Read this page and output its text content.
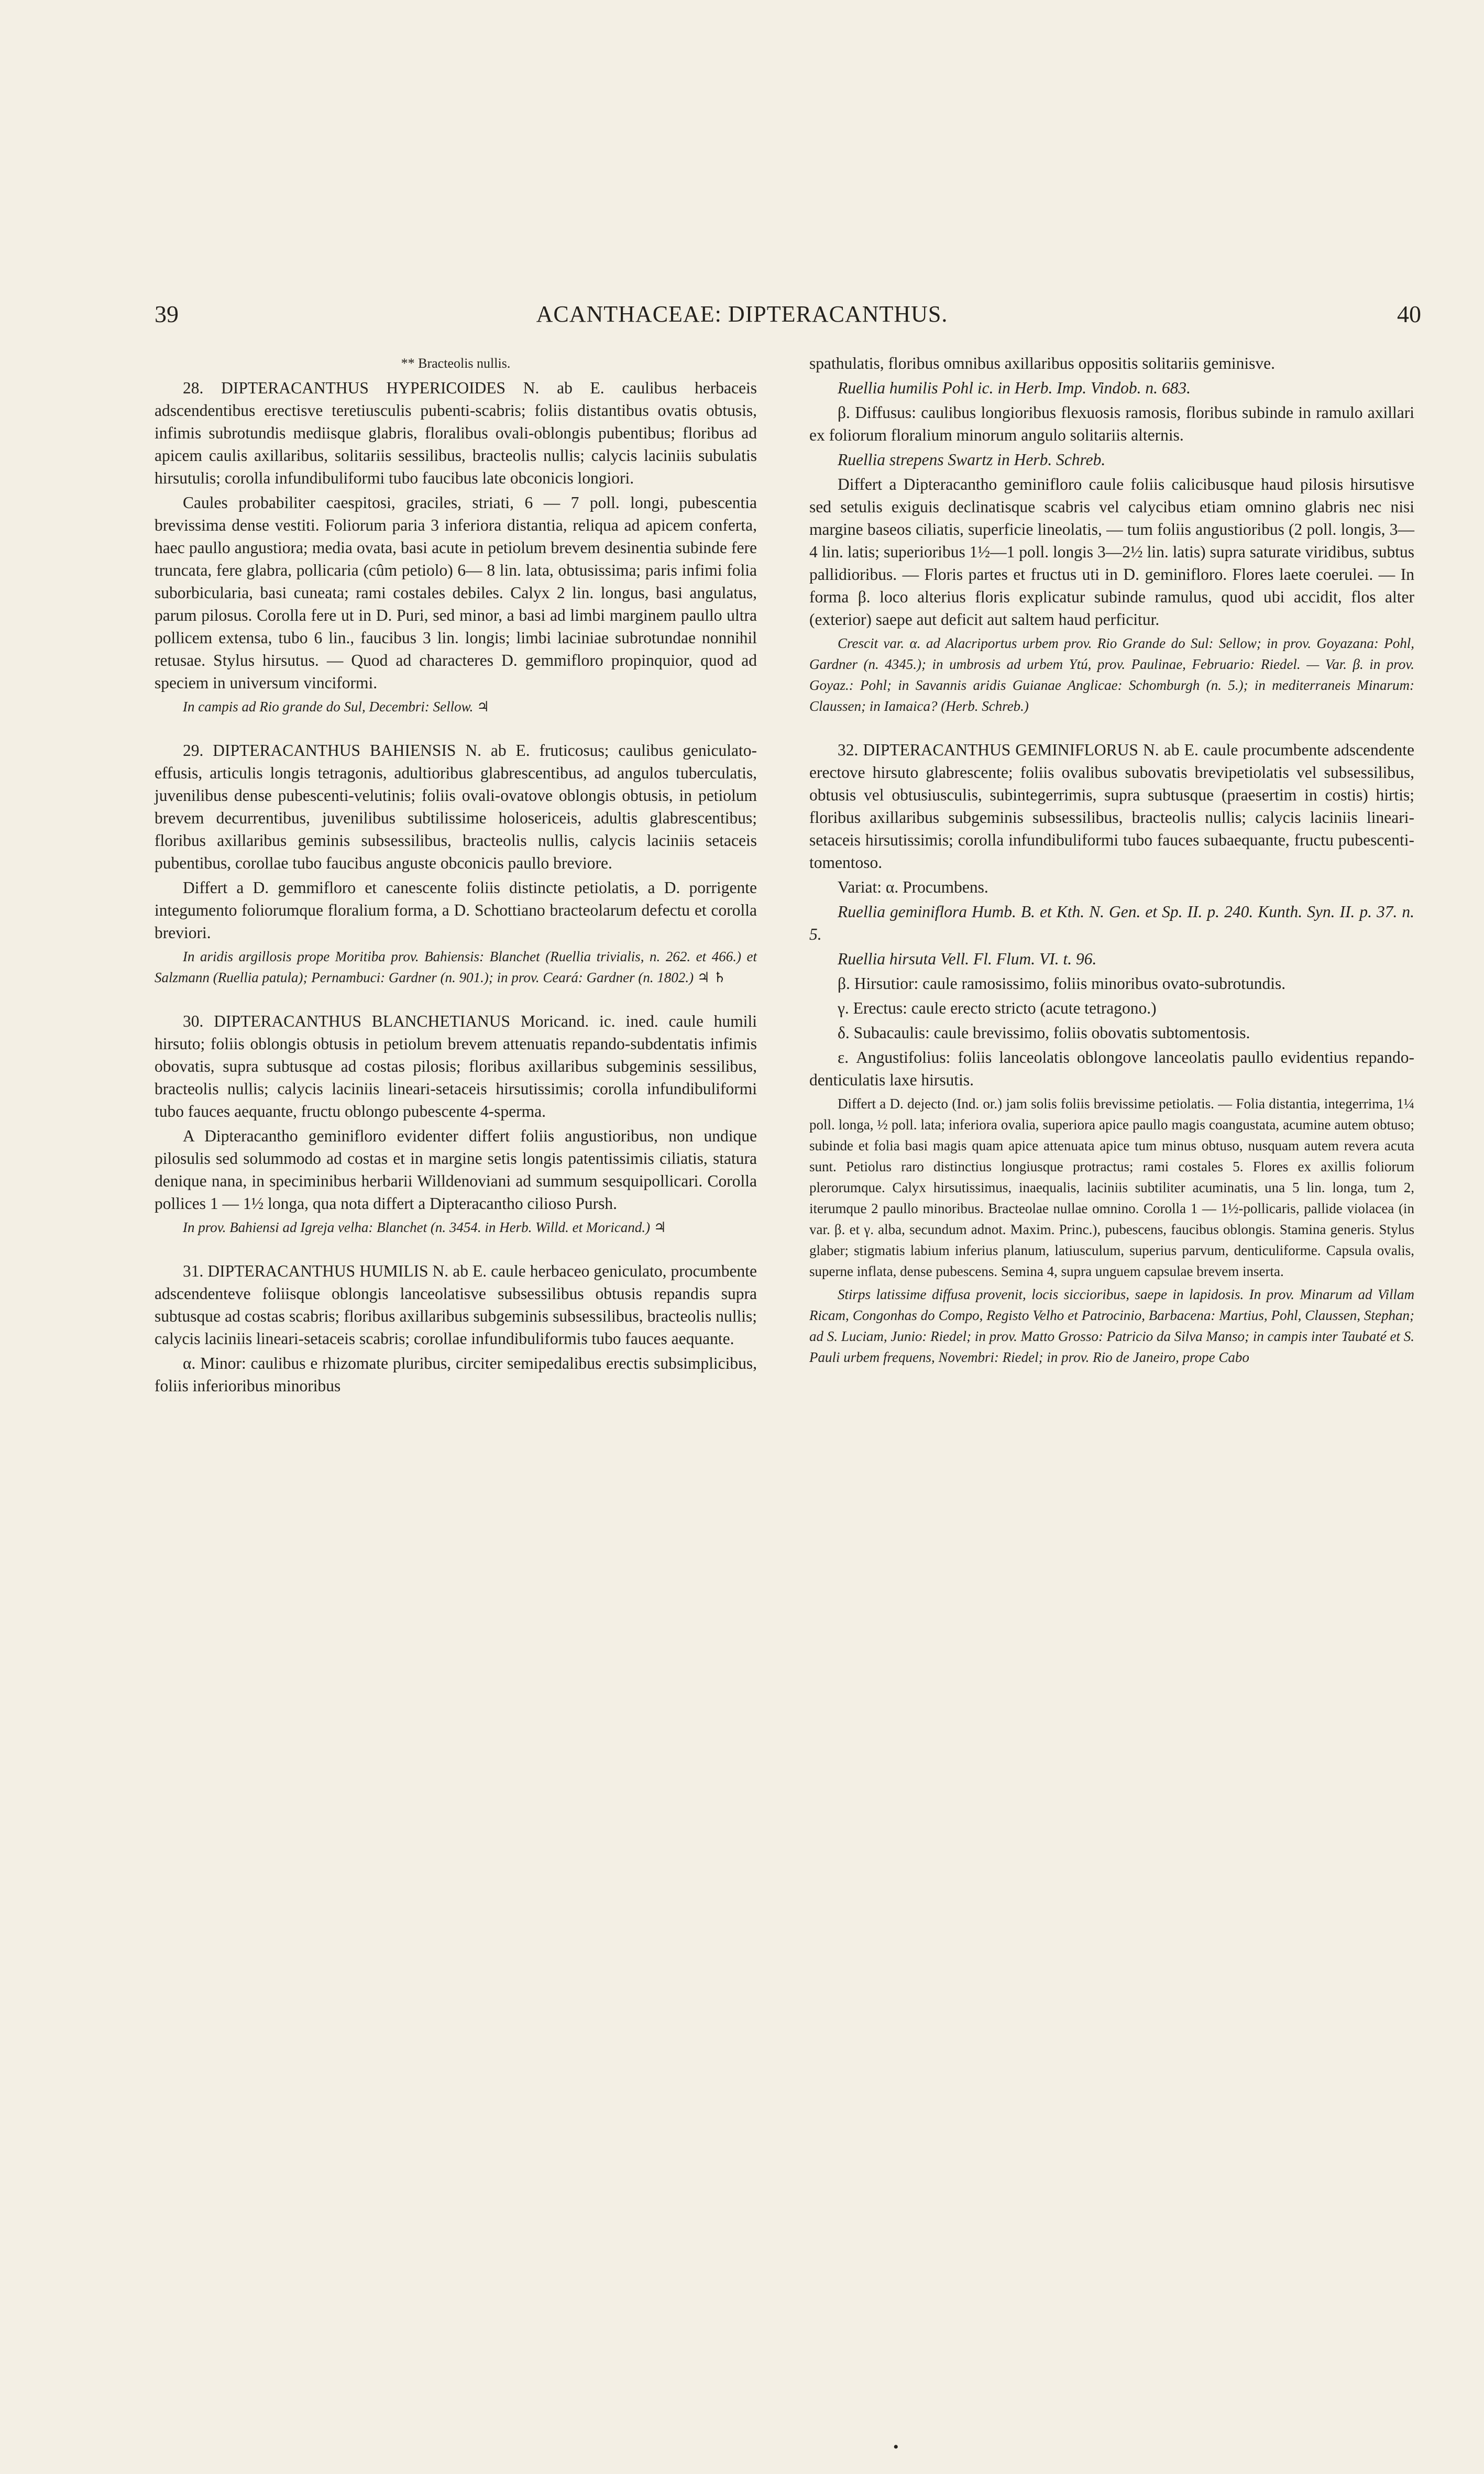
39	ACANTHACEAE: DIPTERACANTHUS.	40

** Bracteolis nullis.

28. DIPTERACANTHUS HYPERICOIDES N. ab E. caulibus herbaceis adscendentibus erectisve teretiusculis pubenti-scabris; foliis distantibus ovatis obtusis, infimis subrotundis mediisque glabris, floralibus ovali-oblongis pubentibus; floribus ad apicem caulis axillaribus, solitariis sessilibus, bracteolis nullis; calycis laciniis subulatis hirsutulis; corolla infundibuliformi tubo faucibus late obconicis longiori.

Caules probabiliter caespitosi, graciles, striati, 6 — 7 poll. longi, pubescentia brevissima dense vestiti. Foliorum paria 3 inferiora distantia, reliqua ad apicem conferta, haec paullo angustiora; media ovata, basi acute in petiolum brevem desinentia subinde fere truncata, fere glabra, pollicaria (cûm petiolo) 6— 8 lin. lata, obtusissima; paris infimi folia suborbicularia, basi cuneata; rami costales debiles. Calyx 2 lin. longus, basi angulatus, parum pilosus. Corolla fere ut in D. Puri, sed minor, a basi ad limbi marginem paullo ultra pollicem extensa, tubo 6 lin., faucibus 3 lin. longis; limbi laciniae subrotundae nonnihil retusae. Stylus hirsutus. — Quod ad characteres D. gemmifloro propinquior, quod ad speciem in universum vinciformi.

In campis ad Rio grande do Sul, Decembri: Sellow. ♃

29. DIPTERACANTHUS BAHIENSIS N. ab E. fruticosus; caulibus geniculato-effusis, articulis longis tetragonis, adultioribus glabrescentibus, ad angulos tuberculatis, juvenilibus dense pubescenti-velutinis; foliis ovali-ovatove oblongis obtusis, in petiolum brevem decurrentibus, juvenilibus subtilissime holosericeis, adultis glabrescentibus; floribus axillaribus geminis subsessilibus, bracteolis nullis, calycis laciniis setaceis pubentibus, corollae tubo faucibus anguste obconicis paullo breviore.

Differt a D. gemmifloro et canescente foliis distincte petiolatis, a D. porrigente integumento foliorumque floralium forma, a D. Schottiano bracteolarum defectu et corolla breviori.

In aridis argillosis prope Moritiba prov. Bahiensis: Blanchet (Ruellia trivialis, n. 262. et 466.) et Salzmann (Ruellia patula); Pernambuci: Gardner (n. 901.); in prov. Ceará: Gardner (n. 1802.) ♃ ♄

30. DIPTERACANTHUS BLANCHETIANUS Moricand. ic. ined. caule humili hirsuto; foliis oblongis obtusis in petiolum brevem attenuatis repando-subdentatis infimis obovatis, supra subtusque ad costas pilosis; floribus axillaribus subgeminis sessilibus, bracteolis nullis; calycis laciniis lineari-setaceis hirsutissimis; corolla infundibuliformi tubo fauces aequante, fructu oblongo pubescente 4-sperma.

A Dipteracantho geminifloro evidenter differt foliis angustioribus, non undique pilosulis sed solummodo ad costas et in margine setis longis patentissimis ciliatis, statura denique nana, in speciminibus herbarii Willdenoviani ad summum sesquipollicari. Corolla pollices 1 — 1½ longa, qua nota differt a Dipteracantho cilioso Pursh.

In prov. Bahiensi ad Igreja velha: Blanchet (n. 3454. in Herb. Willd. et Moricand.) ♃

31. DIPTERACANTHUS HUMILIS N. ab E. caule herbaceo geniculato, procumbente adscendenteve foliisque oblongis lanceolatisve subsessilibus obtusis repandis supra subtusque ad costas scabris; floribus axillaribus subgeminis subsessilibus, bracteolis nullis; calycis laciniis lineari-setaceis scabris; corollae infundibuliformis tubo fauces aequante.

α. Minor: caulibus e rhizomate pluribus, circiter semipedalibus erectis subsimplicibus, foliis inferioribus minoribus

spathulatis, floribus omnibus axillaribus oppositis solitariis geminisve.

Ruellia humilis Pohl ic. in Herb. Imp. Vindob. n. 683.

β. Diffusus: caulibus longioribus flexuosis ramosis, floribus subinde in ramulo axillari ex foliorum floralium minorum angulo solitariis alternis.

Ruellia strepens Swartz in Herb. Schreb.

Differt a Dipteracantho geminifloro caule foliis calicibusque haud pilosis hirsutisve sed setulis exiguis declinatisque scabris vel calycibus etiam omnino glabris nec nisi margine baseos ciliatis, superficie lineolatis, — tum foliis angustioribus (2 poll. longis, 3—4 lin. latis; superioribus 1½—1 poll. longis 3—2½ lin. latis) supra saturate viridibus, subtus pallidioribus. — Floris partes et fructus uti in D. geminifloro. Flores laete coerulei. — In forma β. loco alterius floris explicatur subinde ramulus, quod ubi accidit, flos alter (exterior) saepe aut deficit aut saltem haud perficitur.

Crescit var. α. ad Alacriportus urbem prov. Rio Grande do Sul: Sellow; in prov. Goyazana: Pohl, Gardner (n. 4345.); in umbrosis ad urbem Ytú, prov. Paulinae, Februario: Riedel. — Var. β. in prov. Goyaz.: Pohl; in Savannis aridis Guianae Anglicae: Schomburgh (n. 5.); in mediterraneis Minarum: Claussen; in Iamaica? (Herb. Schreb.)

32. DIPTERACANTHUS GEMINIFLORUS N. ab E. caule procumbente adscendente erectove hirsuto glabrescente; foliis ovalibus subovatis brevipetiolatis vel subsessilibus, obtusis vel obtusiusculis, subintegerrimis, supra subtusque (praesertim in costis) hirtis; floribus axillaribus subgeminis subsessilibus, bracteolis nullis; calycis laciniis lineari-setaceis hirsutissimis; corolla infundibuliformi tubo fauces subaequante, fructu pubescenti-tomentoso.

Variat: α. Procumbens.

Ruellia geminiflora Humb. B. et Kth. N. Gen. et Sp. II. p. 240. Kunth. Syn. II. p. 37. n. 5.

Ruellia hirsuta Vell. Fl. Flum. VI. t. 96.

β. Hirsutior: caule ramosissimo, foliis minoribus ovato-subrotundis.

γ. Erectus: caule erecto stricto (acute tetragono.)

δ. Subacaulis: caule brevissimo, foliis obovatis subtomentosis.

ε. Angustifolius: foliis lanceolatis oblongove lanceolatis paullo evidentius repando-denticulatis laxe hirsutis.

Differt a D. dejecto (Ind. or.) jam solis foliis brevissime petiolatis. — Folia distantia, integerrima, 1¼ poll. longa, ½ poll. lata; inferiora ovalia, superiora apice paullo magis coangustata, acumine autem obtuso; subinde et folia basi magis quam apice attenuata apice tum minus obtuso, nusquam autem revera acuta sunt. Petiolus raro distinctius longiusque protractus; rami costales 5. Flores ex axillis foliorum plerorumque. Calyx hirsutissimus, inaequalis, laciniis subtiliter acuminatis, una 5 lin. longa, tum 2, iterumque 2 paullo minoribus. Bracteolae nullae omnino. Corolla 1 — 1½-pollicaris, pallide violacea (in var. β. et γ. alba, secundum adnot. Maxim. Princ.), pubescens, faucibus oblongis. Stamina generis. Stylus glaber; stigmatis labium inferius planum, latiusculum, superius parvum, denticuliforme. Capsula ovalis, superne inflata, dense pubescens. Semina 4, supra unguem capsulae brevem inserta.

Stirps latissime diffusa provenit, locis siccioribus, saepe in lapidosis. In prov. Minarum ad Villam Ricam, Congonhas do Compo, Registo Velho et Patrocinio, Barbacena: Martius, Pohl, Claussen, Stephan; ad S. Luciam, Junio: Riedel; in prov. Matto Grosso: Patricio da Silva Manso; in campis inter Taubaté et S. Pauli urbem frequens, Novembri: Riedel; in prov. Rio de Janeiro, prope Cabo

•
